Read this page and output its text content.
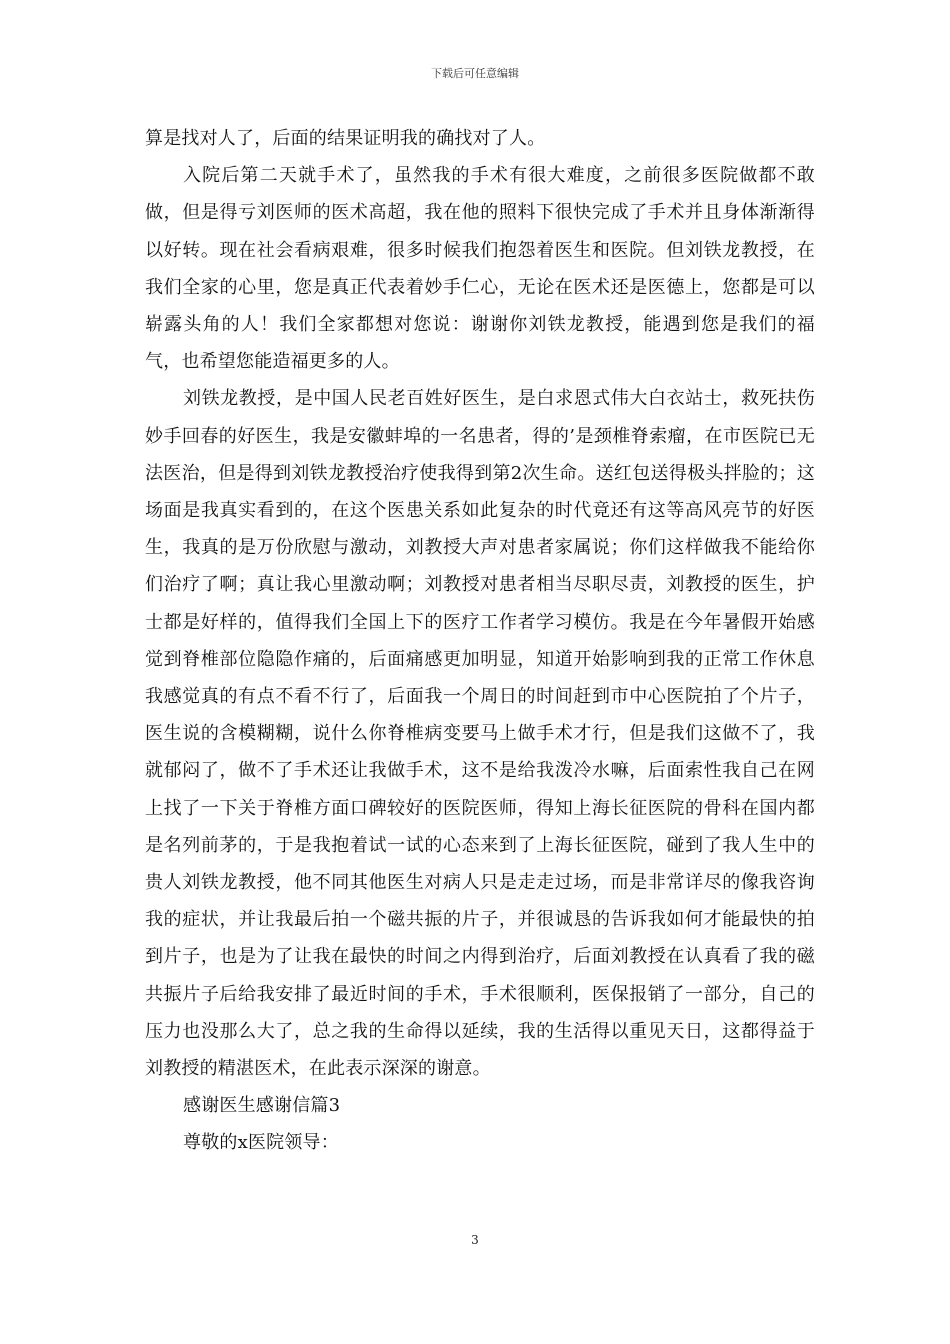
下载后可任意编辑

算是找对人了，后面的结果证明我的确找对了人。

入院后第二天就手术了，虽然我的手术有很大难度，之前很多医院做都不敢做，但是得亏刘医师的医术高超，我在他的照料下很快完成了手术并且身体渐渐得以好转。现在社会看病艰难，很多时候我们抱怨着医生和医院。但刘铁龙教授，在我们全家的心里，您是真正代表着妙手仁心，无论在医术还是医德上，您都是可以崭露头角的人！我们全家都想对您说：谢谢你刘铁龙教授，能遇到您是我们的福气，也希望您能造福更多的人。

刘铁龙教授，是中国人民老百姓好医生，是白求恩式伟大白衣站士，救死扶伤妙手回春的好医生，我是安徽蚌埠的一名患者，得的’是颈椎脊索瘤，在市医院已无法医治，但是得到刘铁龙教授治疗使我得到第2次生命。送红包送得极头拌脸的；这场面是我真实看到的，在这个医患关系如此复杂的时代竟还有这等高风亮节的好医生，我真的是万份欣慰与激动，刘教授大声对患者家属说；你们这样做我不能给你们治疗了啊；真让我心里激动啊；刘教授对患者相当尽职尽责，刘教授的医生，护士都是好样的，值得我们全国上下的医疗工作者学习模仿。我是在今年暑假开始感觉到脊椎部位隐隐作痛的，后面痛感更加明显，知道开始影响到我的正常工作休息我感觉真的有点不看不行了，后面我一个周日的时间赶到市中心医院拍了个片子，医生说的含模糊糊，说什么你脊椎病变要马上做手术才行，但是我们这做不了，我就郁闷了，做不了手术还让我做手术，这不是给我泼冷水嘛，后面索性我自己在网上找了一下关于脊椎方面口碑较好的医院医师，得知上海长征医院的骨科在国内都是名列前茅的，于是我抱着试一试的心态来到了上海长征医院，碰到了我人生中的贵人刘铁龙教授，他不同其他医生对病人只是走走过场，而是非常详尽的像我咨询我的症状，并让我最后拍一个磁共振的片子，并很诚恳的告诉我如何才能最快的拍到片子，也是为了让我在最快的时间之内得到治疗，后面刘教授在认真看了我的磁共振片子后给我安排了最近时间的手术，手术很顺利，医保报销了一部分，自己的压力也没那么大了，总之我的生命得以延续，我的生活得以重见天日，这都得益于刘教授的精湛医术，在此表示深深的谢意。

感谢医生感谢信篇3

尊敬的x医院领导：

3
